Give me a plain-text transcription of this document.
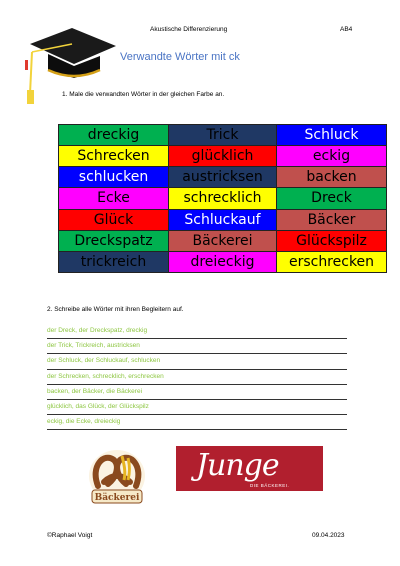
Akustische Differenzierung	AB4
Verwandte Wörter mit ck
1. Male die verwandten Wörter in der gleichen Farbe an.
dreckig	Trick	Schluck
Schrecken	glücklich	eckig
schlucken	austricksen	backen
Ecke	schrecklich	Dreck
Glück	Schluckauf	Bäcker
Dreckspatz	Bäckerei	Glückspilz
trickreich	dreieckig	erschrecken
2. Schreibe alle Wörter mit ihren Begleitern auf.
der Dreck, der Dreckspatz, dreckig
der Trick, Trickreich, austricksen
der Schluck, der Schluckauf, schlucken
der Schrecken, schrecklich, erschrecken
backen, der Bäcker, die Bäckerei
glücklich, das Glück, der Glückspilz
eckig, die Ecke, dreieckig
Bäckerei
Junge
DIE BÄCKEREI.
©Raphael Voigt	09.04.2023
